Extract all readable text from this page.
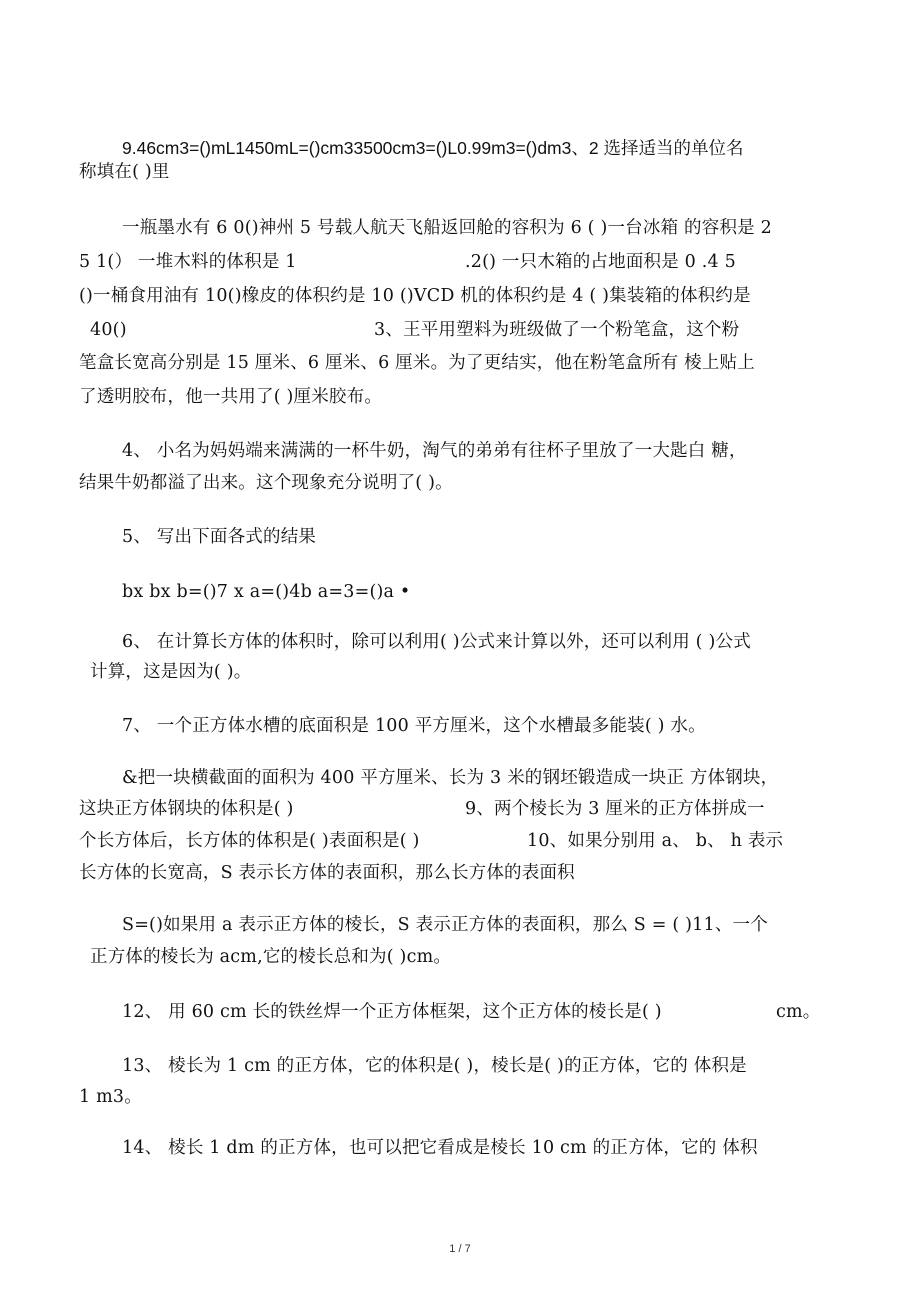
9.46cm3=()mL1450mL=()cm33500cm3=()L0.99m3=()dm3、2 选择适当的单位名
称填在( )里
一瓶墨水有 6 0()神州 5 号载人航天飞船返回舱的容积为 6 ( )一台冰箱 的容积是 2
5 1(） 一堆木料的体积是 1	.2() 一只木箱的占地面积是 0 .4 5
()一桶食用油有 10()橡皮的体积约是 10 ()VCD 机的体积约是 4 ( )集装箱的体积约是
40()	3、王平用塑料为班级做了一个粉笔盒，这个粉
笔盒长宽高分别是 15 厘米、6 厘米、6 厘米。为了更结实，他在粉笔盒所有 棱上贴上
了透明胶布，他一共用了( )厘米胶布。
4、 小名为妈妈端来满满的一杯牛奶，淘气的弟弟有往杯子里放了一大匙白 糖，
结果牛奶都溢了出来。这个现象充分说明了( )。
5、 写出下面各式的结果
bx bx b=()7 x a=()4b a=3=()a •
6、 在计算长方体的体积时，除可以利用( )公式来计算以外，还可以利用 ( )公式
计算，这是因为( )。
7、 一个正方体水槽的底面积是 100 平方厘米，这个水槽最多能装( ) 水。
&把一块横截面的面积为 400 平方厘米、长为 3 米的钢坯锻造成一块正 方体钢块，
这块正方体钢块的体积是( )	9、两个棱长为 3 厘米的正方体拼成一
个长方体后，长方体的体积是( )表面积是( )	10、如果分别用 a、 b、 h 表示
长方体的长宽高，S 表示长方体的表面积，那么长方体的表面积
S=()如果用 a 表示正方体的棱长，S 表示正方体的表面积，那么 S = ( )11、一个
正方体的棱长为 acm,它的棱长总和为( )cm。
12、 用 60 cm 长的铁丝焊一个正方体框架，这个正方体的棱长是( )	cm。
13、 棱长为 1 cm 的正方体，它的体积是( )，棱长是( )的正方体，它的 体积是
1 m3。
14、 棱长 1 dm 的正方体，也可以把它看成是棱长 10 cm 的正方体，它的 体积
1 / 7
